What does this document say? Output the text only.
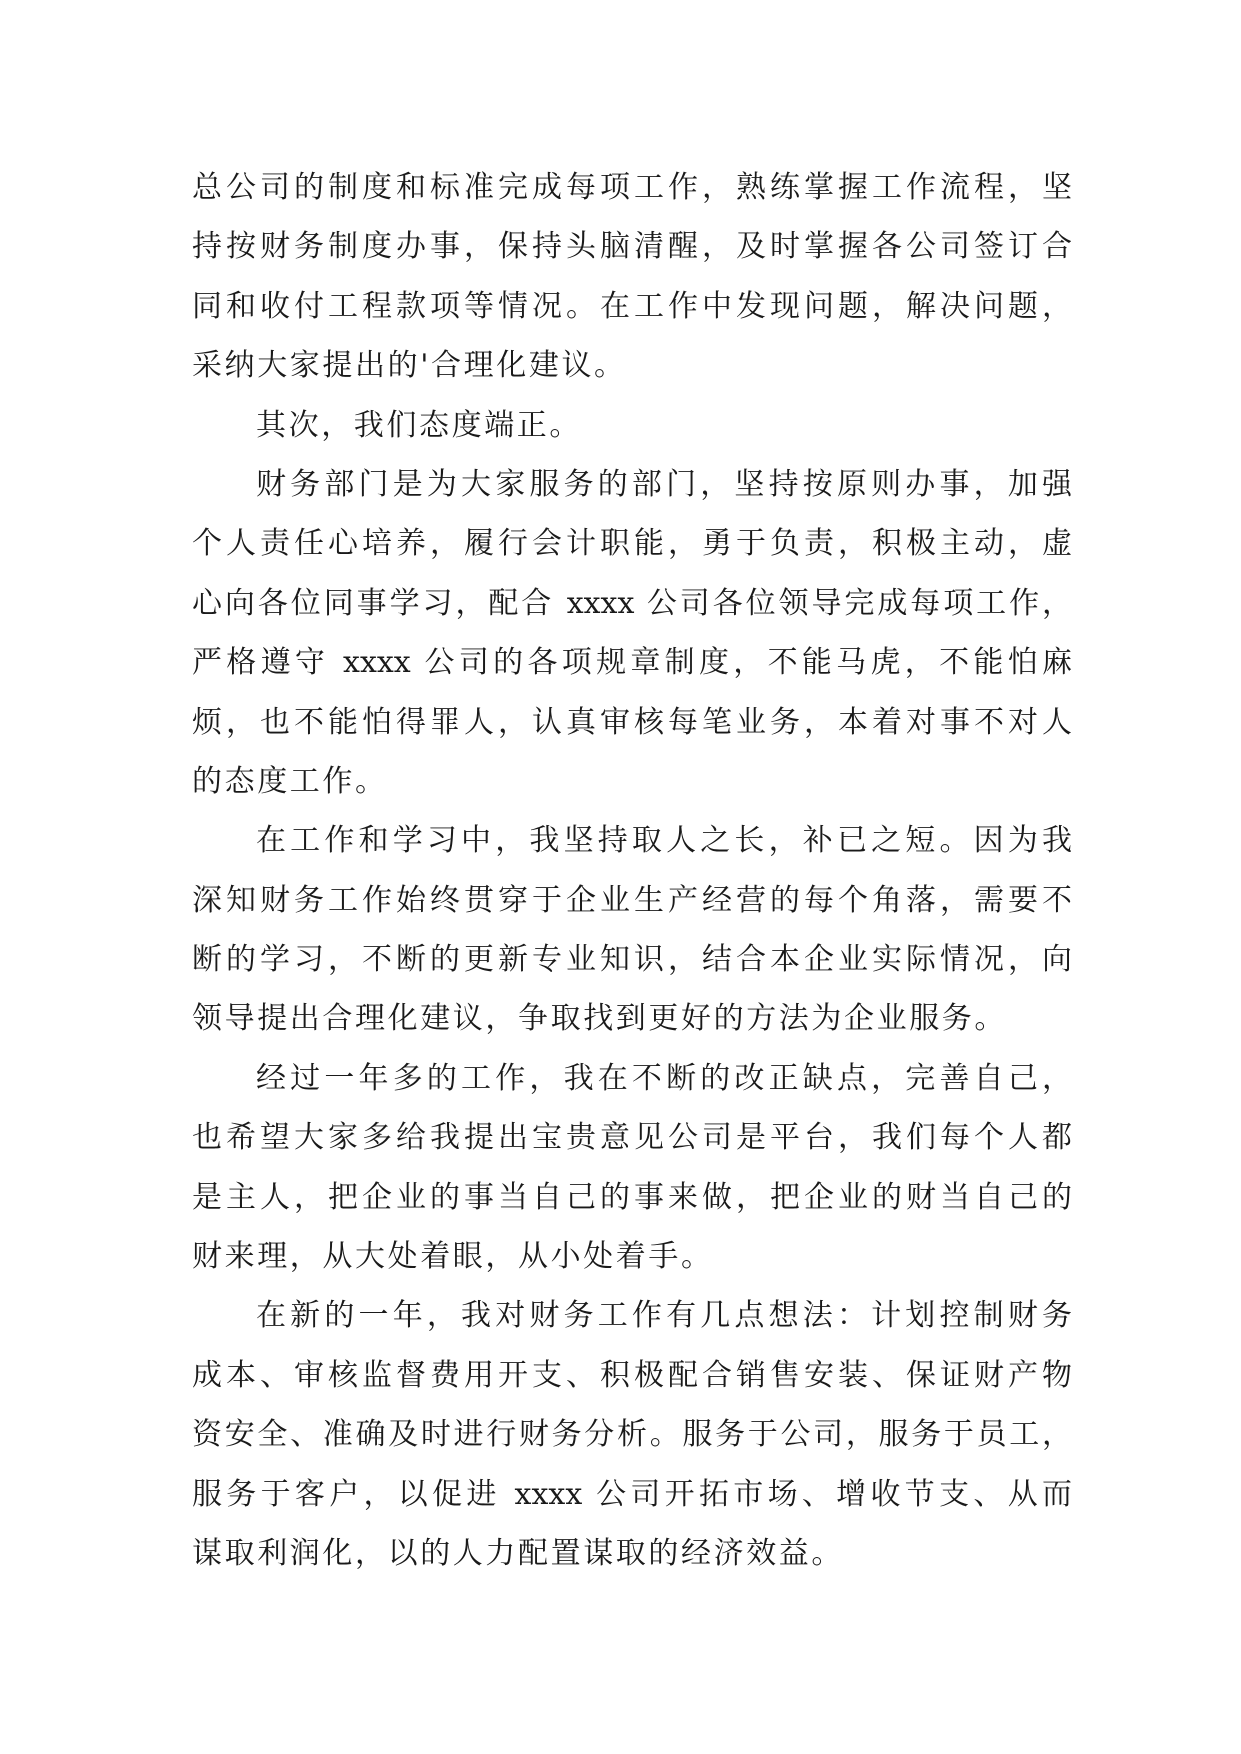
总公司的制度和标准完成每项工作，熟练掌握工作流程，坚
持按财务制度办事，保持头脑清醒，及时掌握各公司签订合
同和收付工程款项等情况。在工作中发现问题，解决问题，
采纳大家提出的'合理化建议。
其次，我们态度端正。
财务部门是为大家服务的部门，坚持按原则办事，加强
个人责任心培养，履行会计职能，勇于负责，积极主动，虚
心向各位同事学习，配合 xxxx 公司各位领导完成每项工作，
严格遵守 xxxx 公司的各项规章制度，不能马虎，不能怕麻
烦，也不能怕得罪人，认真审核每笔业务，本着对事不对人
的态度工作。
在工作和学习中，我坚持取人之长，补已之短。因为我
深知财务工作始终贯穿于企业生产经营的每个角落，需要不
断的学习，不断的更新专业知识，结合本企业实际情况，向
领导提出合理化建议，争取找到更好的方法为企业服务。
经过一年多的工作，我在不断的改正缺点，完善自己，
也希望大家多给我提出宝贵意见公司是平台，我们每个人都
是主人，把企业的事当自己的事来做，把企业的财当自己的
财来理，从大处着眼，从小处着手。
在新的一年，我对财务工作有几点想法：计划控制财务
成本、审核监督费用开支、积极配合销售安装、保证财产物
资安全、准确及时进行财务分析。服务于公司，服务于员工，
服务于客户，以促进 xxxx 公司开拓市场、增收节支、从而
谋取利润化，以的人力配置谋取的经济效益。
